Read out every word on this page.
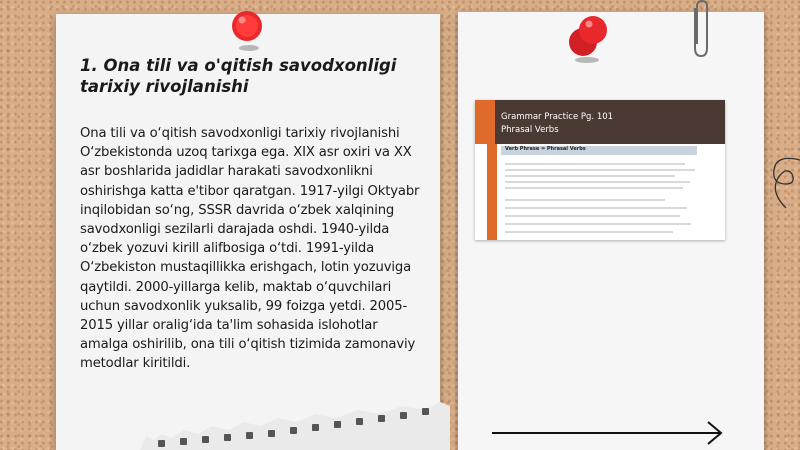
1. Ona tili va o'qitish savodxonligi tarixiy rivojlanishi

Ona tili va o‘qitish savodxonligi tarixiy rivojlanishi O‘zbekistonda uzoq tarixga ega. XIX asr oxiri va XX asr boshlarida jadidlar harakati savodxonlikni oshirishga katta e'tibor qaratgan. 1917-yilgi Oktyabr inqilobidan so‘ng, SSSR davrida o‘zbek xalqining savodxonligi sezilarli darajada oshdi. 1940-yilda o‘zbek yozuvi kirill alifbosiga o‘tdi. 1991-yilda O‘zbekiston mustaqillikka erishgach, lotin yozuviga qaytildi. 2000-yillarga kelib, maktab o‘quvchilari uchun savodxonlik yuksalib, 99 foizga yetdi. 2005-2015 yillar oralig‘ida ta'lim sohasida islohotlar amalga oshirilib, ona tili o‘qitish tizimida zamonaviy metodlar kiritildi.

Grammar Practice Pg. 101
Phrasal Verbs
Verb Phrase = Phrasal Verbs
